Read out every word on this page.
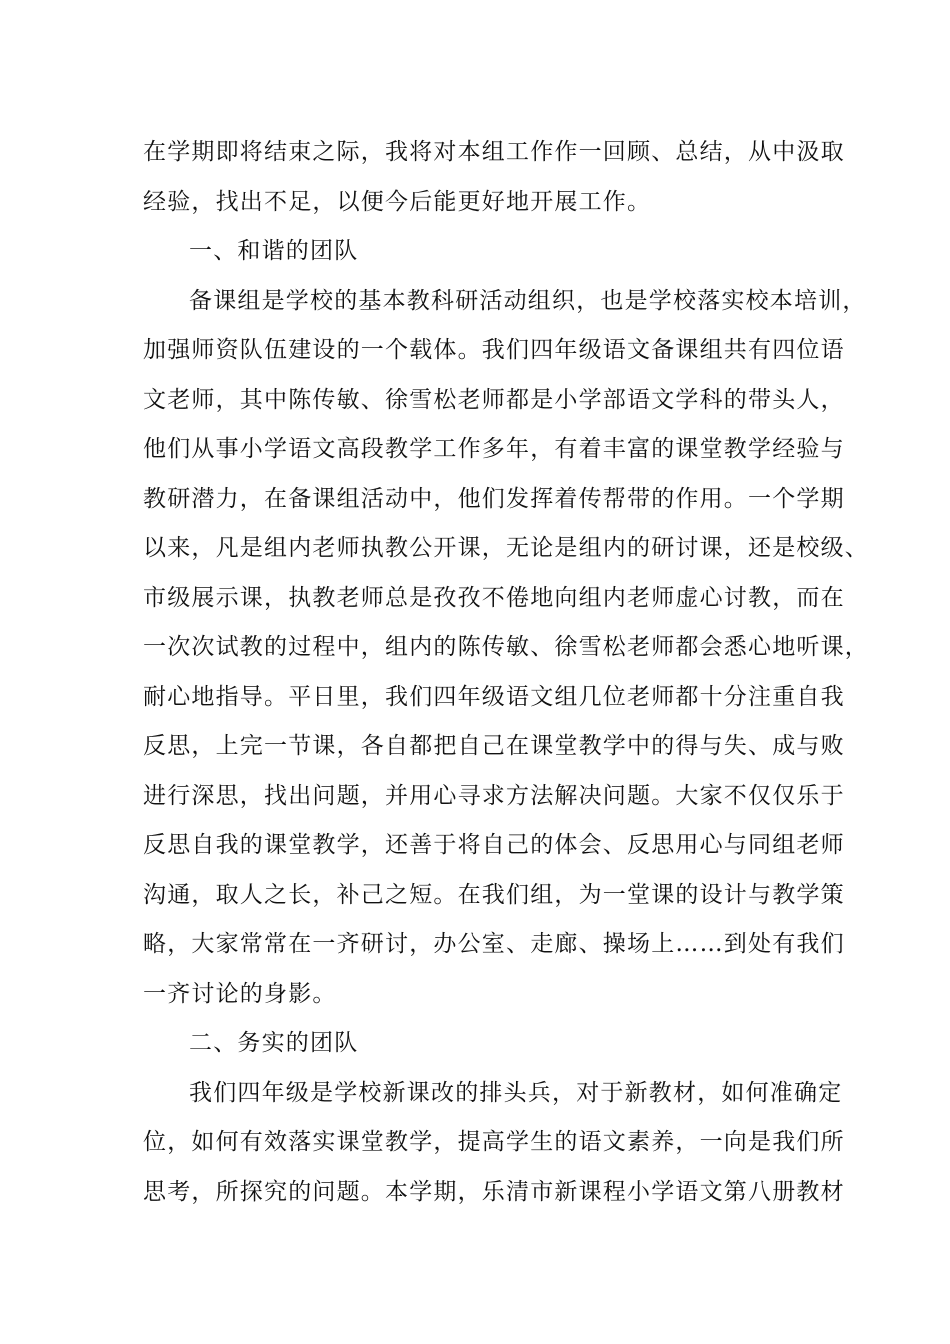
在学期即将结束之际，我将对本组工作作一回顾、总结，从中汲取
经验，找出不足，以便今后能更好地开展工作。
一、和谐的团队
备课组是学校的基本教科研活动组织，也是学校落实校本培训，
加强师资队伍建设的一个载体。我们四年级语文备课组共有四位语
文老师，其中陈传敏、徐雪松老师都是小学部语文学科的带头人，
他们从事小学语文高段教学工作多年，有着丰富的课堂教学经验与
教研潜力，在备课组活动中，他们发挥着传帮带的作用。一个学期
以来，凡是组内老师执教公开课，无论是组内的研讨课，还是校级、
市级展示课，执教老师总是孜孜不倦地向组内老师虚心讨教，而在
一次次试教的过程中，组内的陈传敏、徐雪松老师都会悉心地听课，
耐心地指导。平日里，我们四年级语文组几位老师都十分注重自我
反思，上完一节课，各自都把自己在课堂教学中的得与失、成与败
进行深思，找出问题，并用心寻求方法解决问题。大家不仅仅乐于
反思自我的课堂教学，还善于将自己的体会、反思用心与同组老师
沟通，取人之长，补己之短。在我们组，为一堂课的设计与教学策
略，大家常常在一齐研讨，办公室、走廊、操场上……到处有我们
一齐讨论的身影。
二、务实的团队
我们四年级是学校新课改的排头兵，对于新教材，如何准确定
位，如何有效落实课堂教学，提高学生的语文素养，一向是我们所
思考，所探究的问题。本学期，乐清市新课程小学语文第八册教材
